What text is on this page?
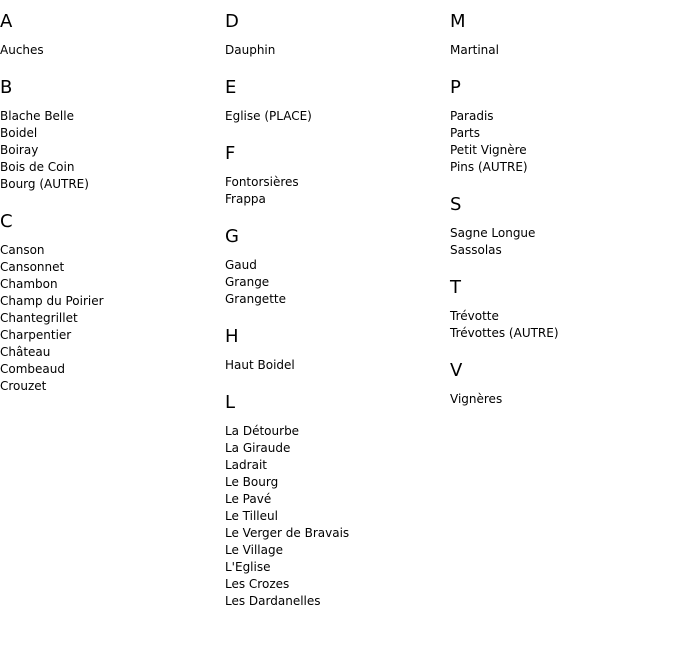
A
Auches
B
Blache Belle
Boidel
Boiray
Bois de Coin
Bourg (AUTRE)
C
Canson
Cansonnet
Chambon
Champ du Poirier
Chantegrillet
Charpentier
Château
Combeaud
Crouzet
D
Dauphin
E
Eglise (PLACE)
F
Fontorsières
Frappa
G
Gaud
Grange
Grangette
H
Haut Boidel
L
La Détourbe
La Giraude
Ladrait
Le Bourg
Le Pavé
Le Tilleul
Le Verger de Bravais
Le Village
L'Eglise
Les Crozes
Les Dardanelles
M
Martinal
P
Paradis
Parts
Petit Vignère
Pins (AUTRE)
S
Sagne Longue
Sassolas
T
Trévotte
Trévottes (AUTRE)
V
Vignères
